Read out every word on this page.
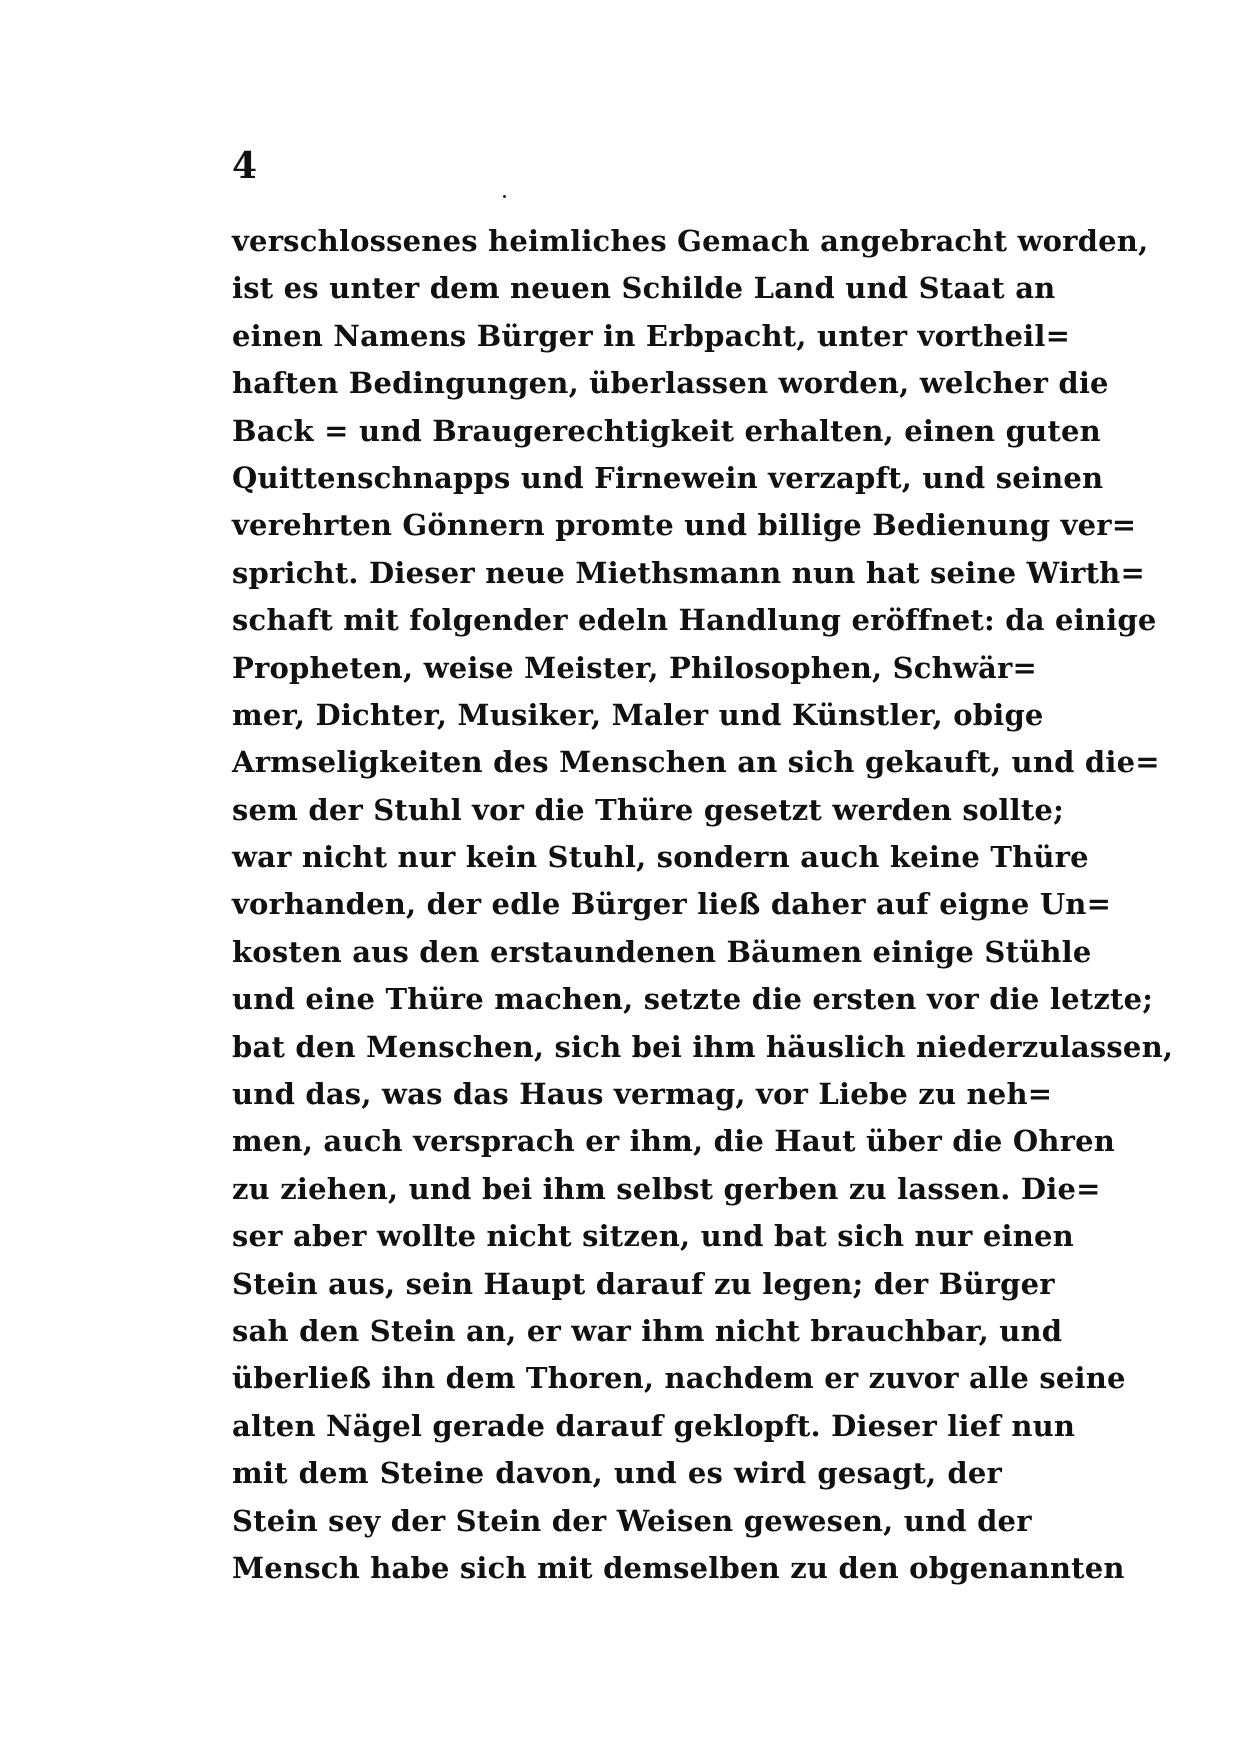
4
verschlossenes heimliches Gemach angebracht worden,
ist es unter dem neuen Schilde Land und Staat an
einen Namens Bürger in Erbpacht, unter vortheil=
haften Bedingungen, überlassen worden, welcher die
Back = und Braugerechtigkeit erhalten, einen guten
Quittenschnapps und Firnewein verzapft, und seinen
verehrten Gönnern promte und billige Bedienung ver=
spricht. Dieser neue Miethsmann nun hat seine Wirth=
schaft mit folgender edeln Handlung eröffnet: da einige
Propheten, weise Meister, Philosophen, Schwär=
mer, Dichter, Musiker, Maler und Künstler, obige
Armseligkeiten des Menschen an sich gekauft, und die=
sem der Stuhl vor die Thüre gesetzt werden sollte;
war nicht nur kein Stuhl, sondern auch keine Thüre
vorhanden, der edle Bürger ließ daher auf eigne Un=
kosten aus den erstaundenen Bäumen einige Stühle
und eine Thüre machen, setzte die ersten vor die letzte;
bat den Menschen, sich bei ihm häuslich niederzulassen,
und das, was das Haus vermag, vor Liebe zu neh=
men, auch versprach er ihm, die Haut über die Ohren
zu ziehen, und bei ihm selbst gerben zu lassen. Die=
ser aber wollte nicht sitzen, und bat sich nur einen
Stein aus, sein Haupt darauf zu legen; der Bürger
sah den Stein an, er war ihm nicht brauchbar, und
überließ ihn dem Thoren, nachdem er zuvor alle seine
alten Nägel gerade darauf geklopft. Dieser lief nun
mit dem Steine davon, und es wird gesagt, der
Stein sey der Stein der Weisen gewesen, und der
Mensch habe sich mit demselben zu den obgenannten
